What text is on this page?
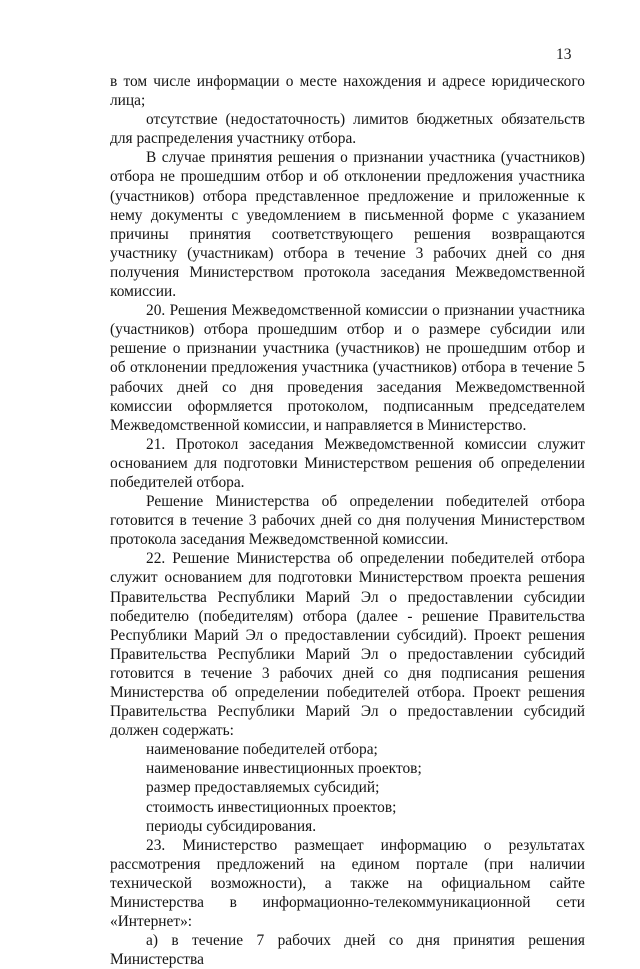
13

в том числе информации о месте нахождения и адресе юридического лица;

отсутствие (недостаточность) лимитов бюджетных обязательств для распределения участнику отбора.

В случае принятия решения о признании участника (участников) отбора не прошедшим отбор и об отклонении предложения участника (участников) отбора представленное предложение и приложенные к нему документы с уведомлением в письменной форме с указанием причины принятия соответствующего решения возвращаются участнику (участникам) отбора в течение 3 рабочих дней со дня получения Министерством протокола заседания Межведомственной комиссии.

20. Решения Межведомственной комиссии о признании участника (участников) отбора прошедшим отбор и о размере субсидии или решение о признании участника (участников) не прошедшим отбор и об отклонении предложения участника (участников) отбора в течение 5 рабочих дней со дня проведения заседания Межведомственной комиссии оформляется протоколом, подписанным председателем Межведомственной комиссии, и направляется в Министерство.

21. Протокол заседания Межведомственной комиссии служит основанием для подготовки Министерством решения об определении победителей отбора.

Решение Министерства об определении победителей отбора готовится в течение 3 рабочих дней со дня получения Министерством протокола заседания Межведомственной комиссии.

22. Решение Министерства об определении победителей отбора служит основанием для подготовки Министерством проекта решения Правительства Республики Марий Эл о предоставлении субсидии победителю (победителям) отбора (далее - решение Правительства Республики Марий Эл о предоставлении субсидий). Проект решения Правительства Республики Марий Эл о предоставлении субсидий готовится в течение 3 рабочих дней со дня подписания решения Министерства об определении победителей отбора. Проект решения Правительства Республики Марий Эл о предоставлении субсидий должен содержать:

наименование победителей отбора;

наименование инвестиционных проектов;

размер предоставляемых субсидий;

стоимость инвестиционных проектов;

периоды субсидирования.

23. Министерство размещает информацию о результатах рассмотрения предложений на едином портале (при наличии технической возможности), а также на официальном сайте Министерства в информационно-телекоммуникационной сети «Интернет»:

а) в течение 7 рабочих дней со дня принятия решения Министерства
